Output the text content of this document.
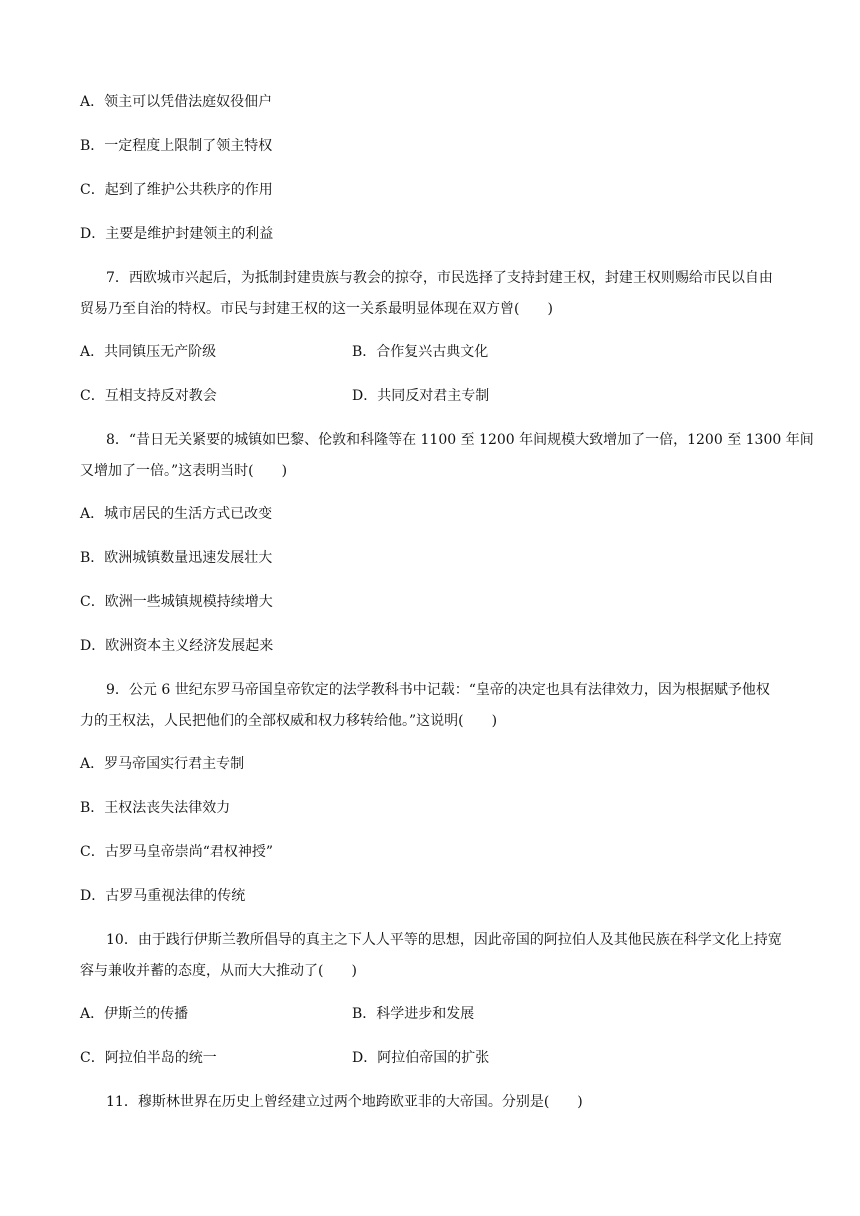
A．领主可以凭借法庭奴役佃户
B．一定程度上限制了领主特权
C．起到了维护公共秩序的作用
D．主要是维护封建领主的利益
7．西欧城市兴起后，为抵制封建贵族与教会的掠夺，市民选择了支持封建王权，封建王权则赐给市民以自由
贸易乃至自治的特权。市民与封建王权的这一关系最明显体现在双方曾(　　)
A．共同镇压无产阶级	B．合作复兴古典文化
C．互相支持反对教会	D．共同反对君主专制
8．“昔日无关紧要的城镇如巴黎、伦敦和科隆等在 1100 至 1200 年间规模大致增加了一倍，1200 至 1300 年间
又增加了一倍。”这表明当时(　　)
A．城市居民的生活方式已改变
B．欧洲城镇数量迅速发展壮大
C．欧洲一些城镇规模持续增大
D．欧洲资本主义经济发展起来
9．公元 6 世纪东罗马帝国皇帝钦定的法学教科书中记载：“皇帝的决定也具有法律效力，因为根据赋予他权
力的王权法，人民把他们的全部权威和权力移转给他。”这说明(　　)
A．罗马帝国实行君主专制
B．王权法丧失法律效力
C．古罗马皇帝崇尚“君权神授”
D．古罗马重视法律的传统
10．由于践行伊斯兰教所倡导的真主之下人人平等的思想，因此帝国的阿拉伯人及其他民族在科学文化上持宽
容与兼收并蓄的态度，从而大大推动了(　　)
A．伊斯兰的传播	B．科学进步和发展
C．阿拉伯半岛的统一	D．阿拉伯帝国的扩张
11．穆斯林世界在历史上曾经建立过两个地跨欧亚非的大帝国。分别是(　　)
